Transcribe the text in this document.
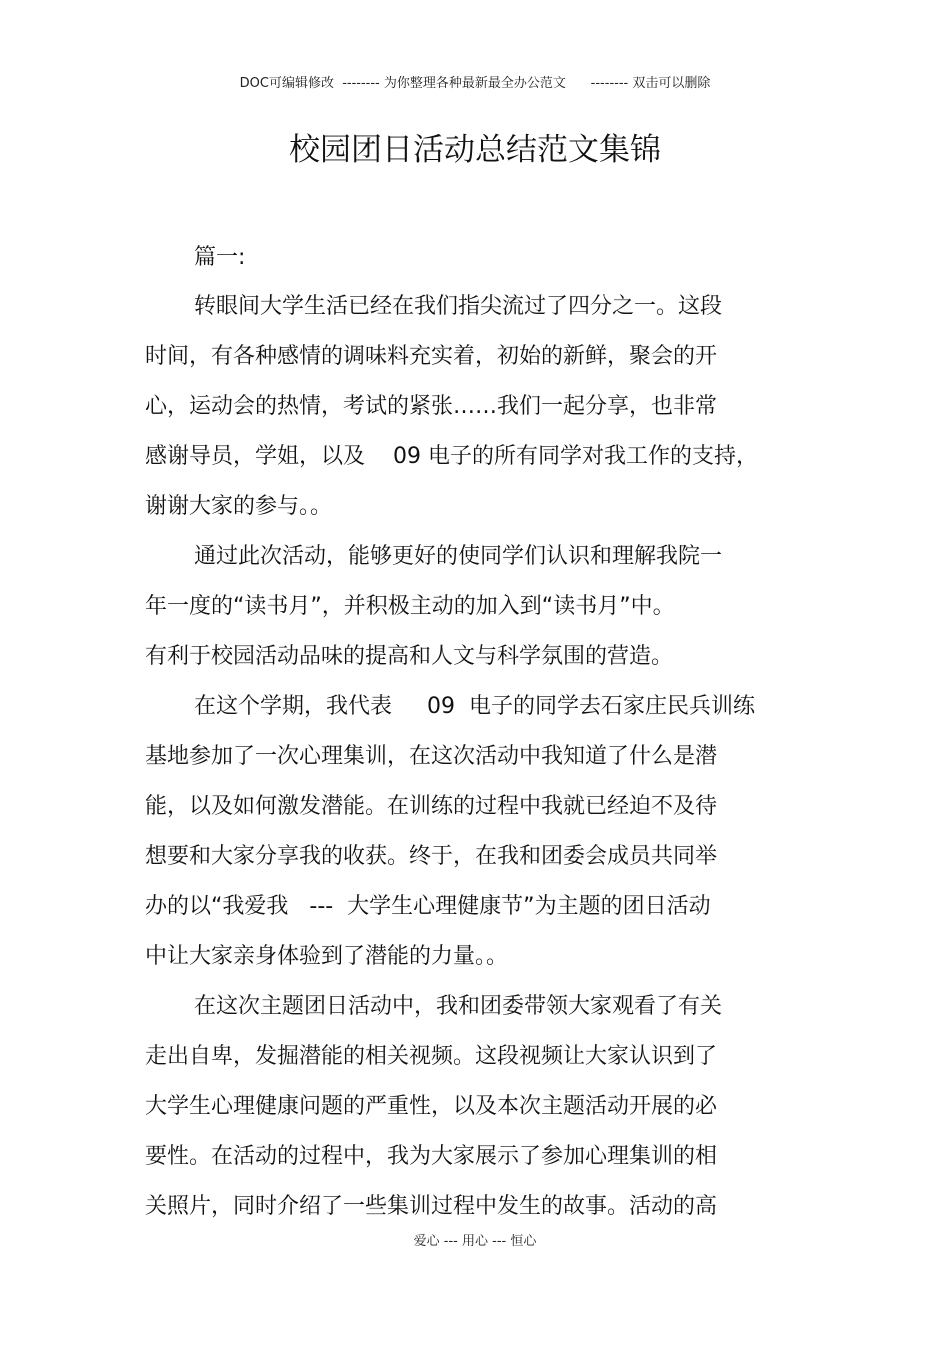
DOC可编辑修改  -------- 为你整理各种最新最全办公范文      -------- 双击可以删除
校园团日活动总结范文集锦
篇一:
转眼间大学生活已经在我们指尖流过了四分之一。这段
时间，有各种感情的调味料充实着，初始的新鲜，聚会的开
心，运动会的热情，考试的紧张……我们一起分享，也非常
感谢导员，学姐，以及    09 电子的所有同学对我工作的支持，
谢谢大家的参与。。
通过此次活动，能够更好的使同学们认识和理解我院一
年一度的“读书月”，并积极主动的加入到“读书月”中。
有利于校园活动品味的提高和人文与科学氛围的营造。
在这个学期，我代表     09  电子的同学去石家庄民兵训练
基地参加了一次心理集训，在这次活动中我知道了什么是潜
能，以及如何激发潜能。在训练的过程中我就已经迫不及待
想要和大家分享我的收获。终于，在我和团委会成员共同举
办的以“我爱我   ---  大学生心理健康节”为主题的团日活动
中让大家亲身体验到了潜能的力量。。
在这次主题团日活动中，我和团委带领大家观看了有关
走出自卑，发掘潜能的相关视频。这段视频让大家认识到了
大学生心理健康问题的严重性，以及本次主题活动开展的必
要性。在活动的过程中，我为大家展示了参加心理集训的相
关照片，同时介绍了一些集训过程中发生的故事。活动的高
爱心 --- 用心 --- 恒心
